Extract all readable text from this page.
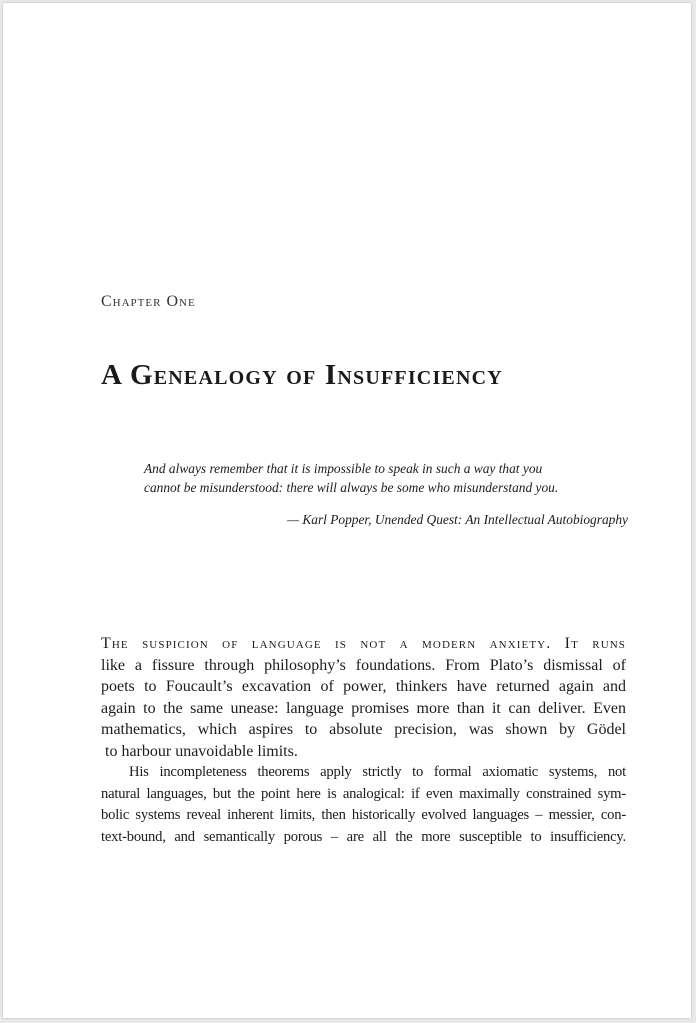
Chapter One
A Genealogy of Insufficiency
And always remember that it is impossible to speak in such a way that you
cannot be misunderstood: there will always be some who misunderstand you.
— Karl Popper, Unended Quest: An Intellectual Autobiography
The suspicion of language is not a modern anxiety. It runs
like a fissure through philosophy’s foundations. From Plato’s dismissal of
poets to Foucault’s excavation of power, thinkers have returned again and
again to the same unease: language promises more than it can deliver. Even
mathematics, which aspires to absolute precision, was shown by Gödel
to harbour unavoidable limits.
His incompleteness theorems apply strictly to formal axiomatic systems, not
natural languages, but the point here is analogical: if even maximally constrained sym-
bolic systems reveal inherent limits, then historically evolved languages – messier, con-
text-bound, and semantically porous – are all the more susceptible to insufficiency.
